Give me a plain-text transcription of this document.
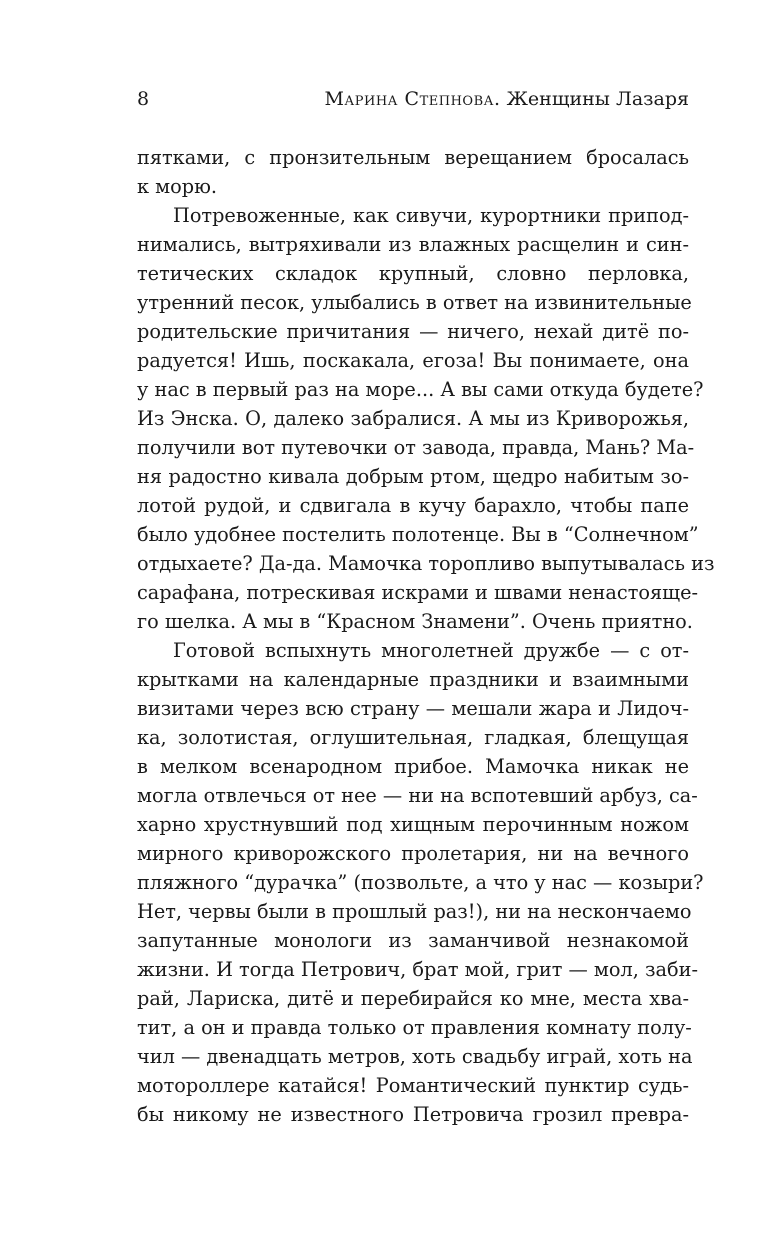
8	Марина Степнова. Женщины Лазаря
пятками, с пронзительным верещанием бросалась
к морю.
Потревоженные, как сивучи, курортники припод-
нимались, вытряхивали из влажных расщелин и син-
тетических складок крупный, словно перловка,
утренний песок, улыбались в ответ на извинительные
родительские причитания — ничего, нехай дитё по-
радуется! Ишь, поскакала, егоза! Вы понимаете, она
у нас в первый раз на море... А вы сами откуда будете?
Из Энска. О, далеко забралися. А мы из Криворожья,
получили вот путевочки от завода, правда, Мань? Ма-
ня радостно кивала добрым ртом, щедро набитым зо-
лотой рудой, и сдвигала в кучу барахло, чтобы папе
было удобнее постелить полотенце. Вы в “Солнечном”
отдыхаете? Да-да. Мамочка торопливо выпутывалась из
сарафана, потрескивая искрами и швами ненастояще-
го шелка. А мы в “Красном Знамени”. Очень приятно.
Готовой вспыхнуть многолетней дружбе — с от-
крытками на календарные праздники и взаимными
визитами через всю страну — мешали жара и Лидоч-
ка, золотистая, оглушительная, гладкая, блещущая
в мелком всенародном прибое. Мамочка никак не
могла отвлечься от нее — ни на вспотевший арбуз, са-
харно хрустнувший под хищным перочинным ножом
мирного криворожского пролетария, ни на вечного
пляжного “дурачка” (позвольте, а что у нас — козыри?
Нет, червы были в прошлый раз!), ни на нескончаемо
запутанные монологи из заманчивой незнакомой
жизни. И тогда Петрович, брат мой, грит — мол, заби-
рай, Лариска, дитё и перебирайся ко мне, места хва-
тит, а он и правда только от правления комнату полу-
чил — двенадцать метров, хоть свадьбу играй, хоть на
мотороллере катайся! Романтический пунктир судь-
бы никому не известного Петровича грозил превра-
